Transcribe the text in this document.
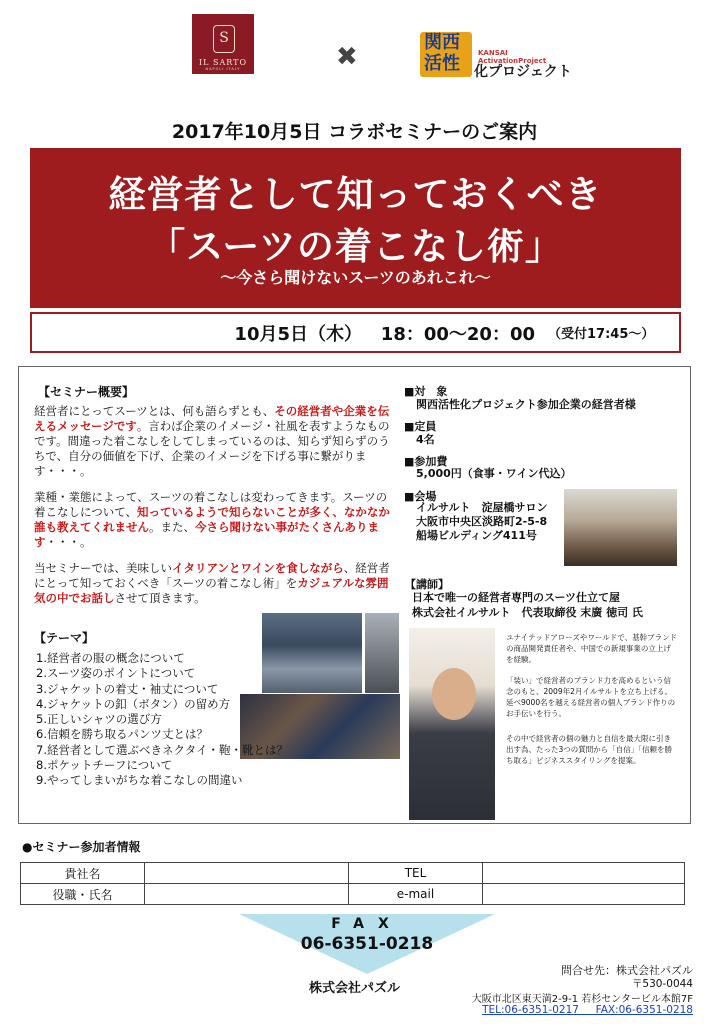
S
IL SARTO
NAPOLI ITALY	✖	関西
活性	KANSAI
ActivationProject
化プロジェクト
2017年10月5日 コラボセミナーのご案内
経営者として知っておくべき
「スーツの着こなし術」
～今さら聞けないスーツのあれこれ～
10月5日（木）   18：00～20：00 （受付17:45～）
【セミナー概要】
経営者にとってスーツとは、何も語らずとも、その経営者や企業を伝えるメッセージです。言わば企業のイメージ・社風を表すようなものです。間違った着こなしをしてしまっているのは、知らず知らずのうちで、自分の価値を下げ、企業のイメージを下げる事に繋がります・・・。
業種・業態によって、スーツの着こなしは変わってきます。スーツの着こなしについて、知っているようで知らないことが多く、なかなか誰も教えてくれません。また、今さら聞けない事がたくさんあります・・・。
当セミナーでは、美味しいイタリアンとワインを食しながら、経営者にとって知っておくべき「スーツの着こなし術」をカジュアルな雰囲気の中でお話しさせて頂きます。
【テーマ】
1.経営者の服の概念について
2.スーツ姿のポイントについて
3.ジャケットの着丈・袖丈について
4.ジャケットの釦（ボタン）の留め方
5.正しいシャツの選び方
6.信頼を勝ち取るパンツ丈とは？
7.経営者として選ぶべきネクタイ・鞄・靴とは？
8.ポケットチーフについて
9.やってしまいがちな着こなしの間違い
■対　象
関西活性化プロジェクト参加企業の経営者様
■定員
4名
■参加費
5,000円（食事・ワイン代込）
■会場
イルサルト　淀屋橋サロン
大阪市中央区淡路町2-5-8
船場ビルディング411号
【講師】
日本で唯一の経営者専門のスーツ仕立て屋
株式会社イルサルト　代表取締役 末廣 徳司 氏
ユナイテッドアローズやワールドで、基幹ブランドの商品開発責任者や、中国での新規事業の立上げを経験。
「装い」で経営者のブランド力を高めるという信念のもと、2009年2月イルサルトを立ち上げる。延べ9000名を越える経営者の個人ブランド作りのお手伝いを行う。
その中で経営者の個の魅力と自信を最大限に引き出す為、たった3つの質問から「自信」「信頼を勝ち取る」ビジネススタイリングを提案。
●セミナー参加者情報
貴社名		TEL	
役職・氏名		e-mail	
FAX
06-6351-0218
株式会社パズル
問合せ先：株式会社パズル
〒530-0044
大阪市北区東天満2-9-1 若杉センタービル本館7F
TEL:06-6351-0217     FAX:06-6351-0218
